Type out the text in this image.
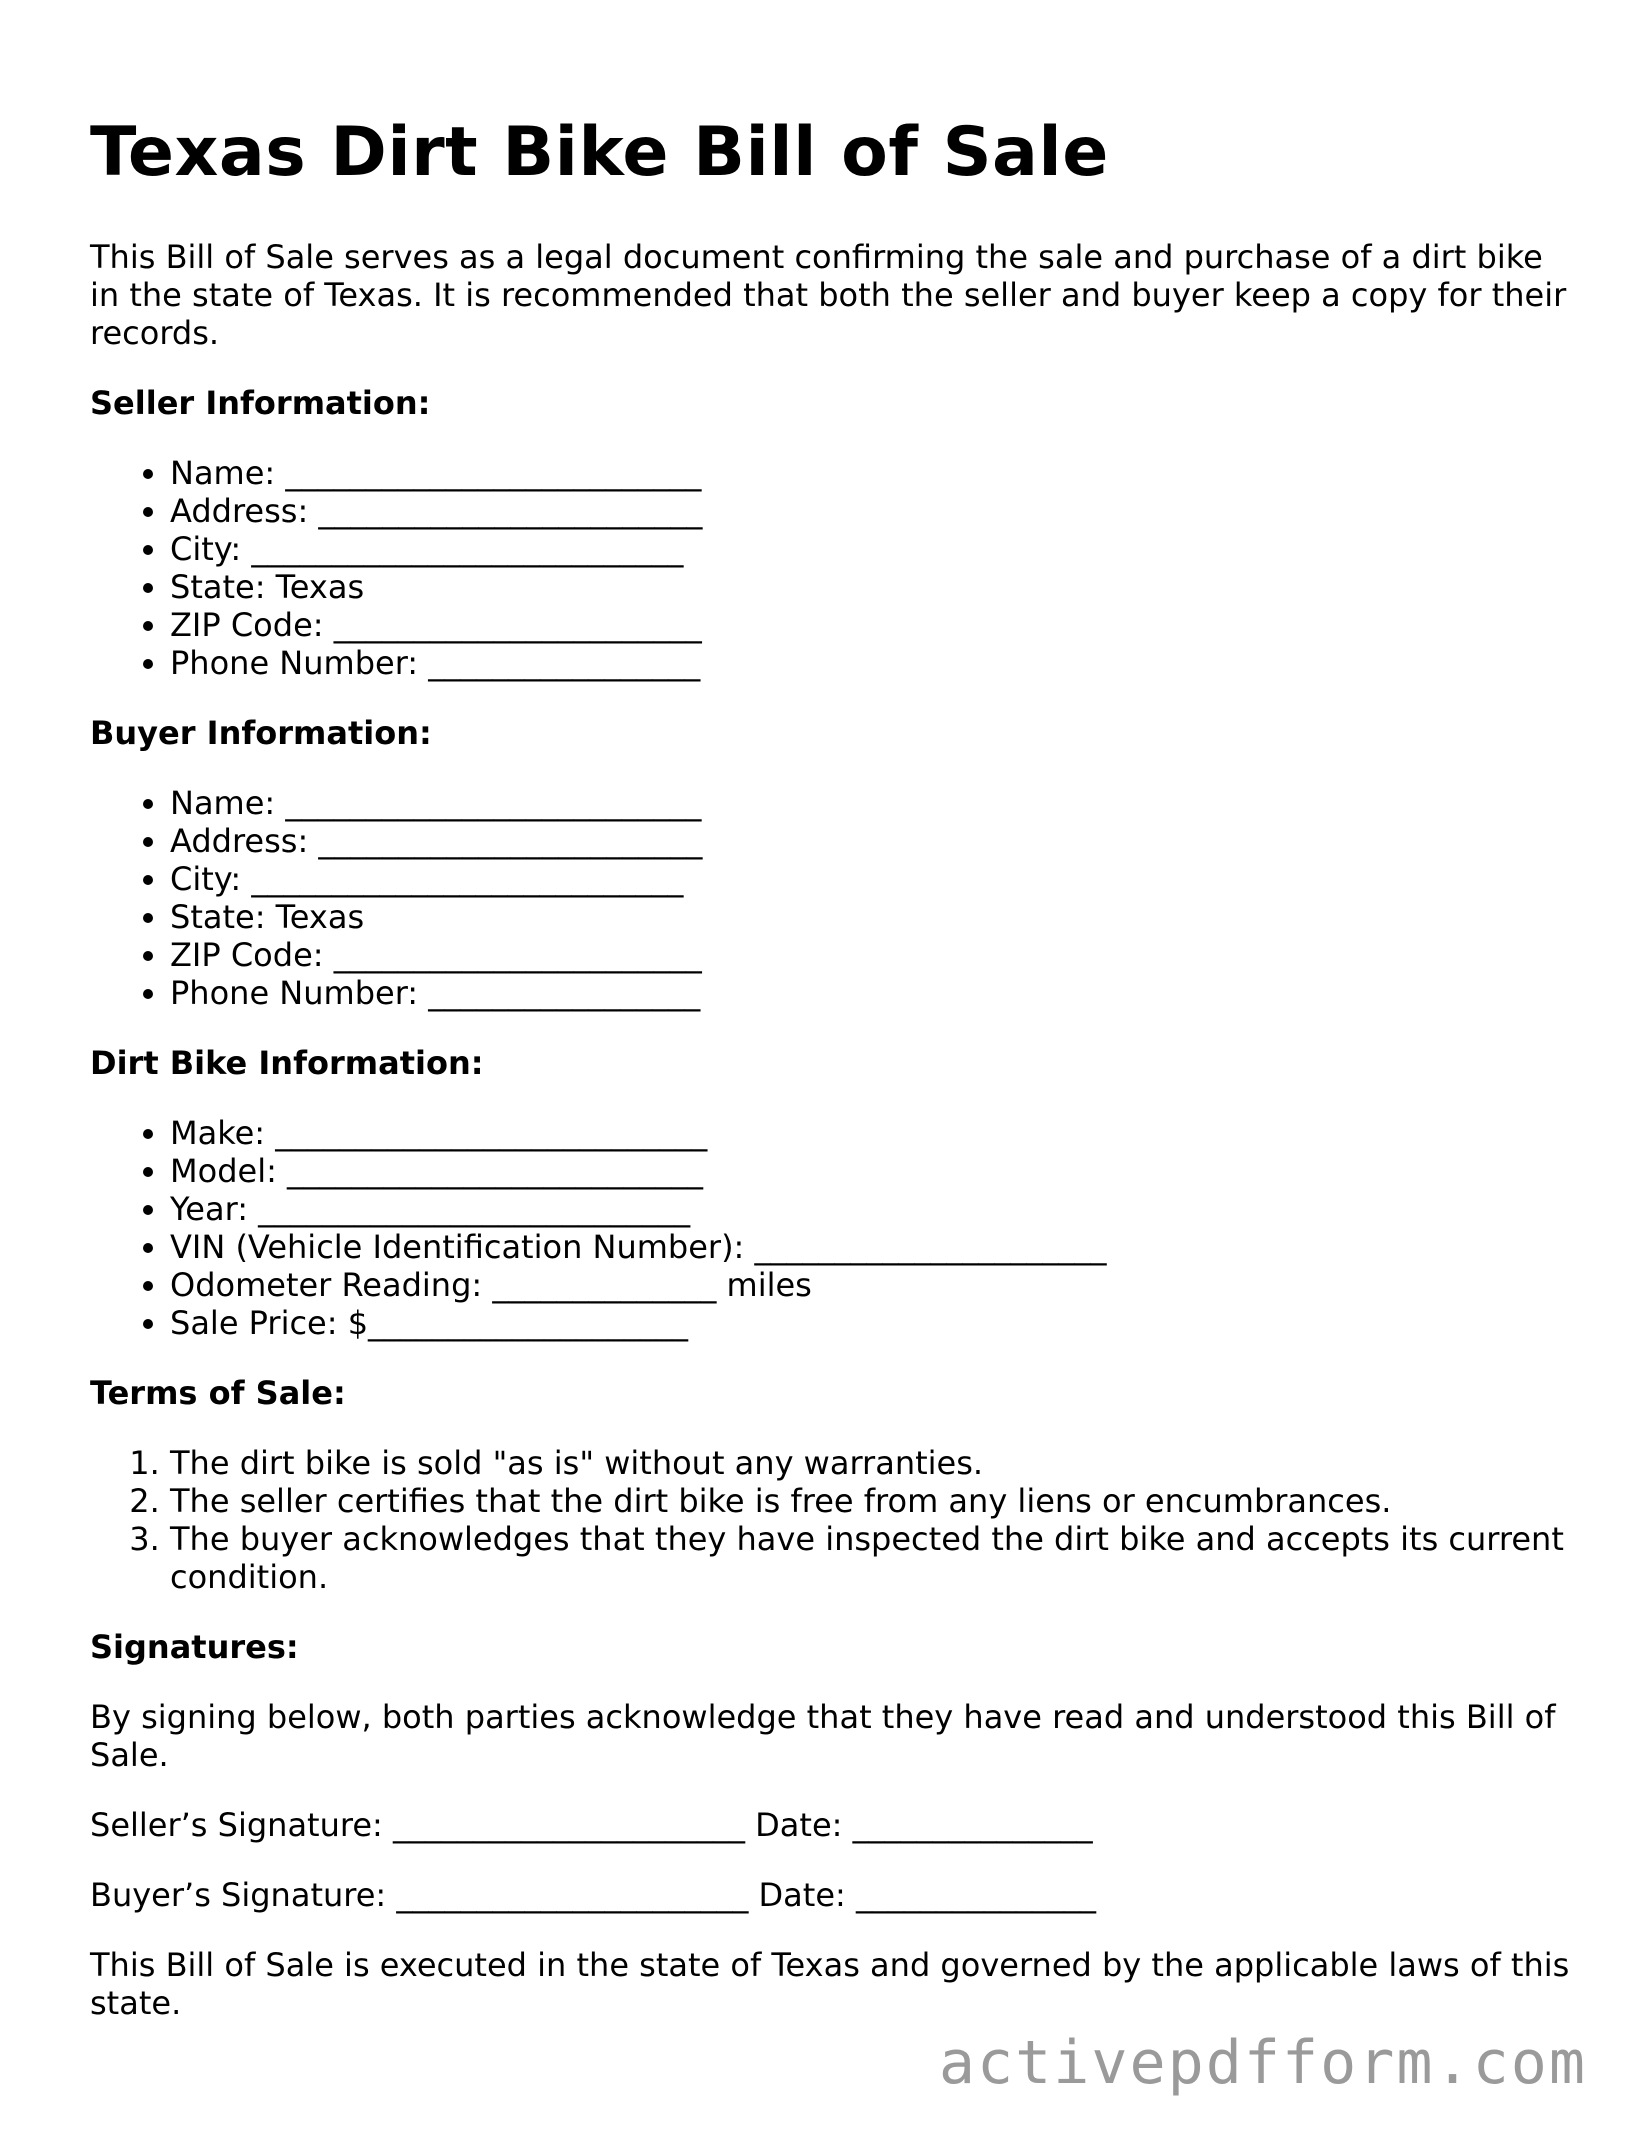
Texas Dirt Bike Bill of Sale

This Bill of Sale serves as a legal document confirming the sale and purchase of a dirt bike in the state of Texas. It is recommended that both the seller and buyer keep a copy for their records.

Seller Information:
• Name: __________________________
• Address: ________________________
• City: ___________________________
• State: Texas
• ZIP Code: _______________________
• Phone Number: _________________
Buyer Information:
• Name: __________________________
• Address: ________________________
• City: ___________________________
• State: Texas
• ZIP Code: _______________________
• Phone Number: _________________
Dirt Bike Information:
• Make: ___________________________
• Model: __________________________
• Year: ___________________________
• VIN (Vehicle Identification Number): ______________________
• Odometer Reading: ______________ miles
• Sale Price: $____________________
Terms of Sale:
1. The dirt bike is sold "as is" without any warranties.
2. The seller certifies that the dirt bike is free from any liens or encumbrances.
3. The buyer acknowledges that they have inspected the dirt bike and accepts its current condition.
Signatures:

By signing below, both parties acknowledge that they have read and understood this Bill of Sale.

Seller’s Signature: ______________________ Date: _______________
Buyer’s Signature: ______________________ Date: _______________

This Bill of Sale is executed in the state of Texas and governed by the applicable laws of this state.

activepdfform.com
